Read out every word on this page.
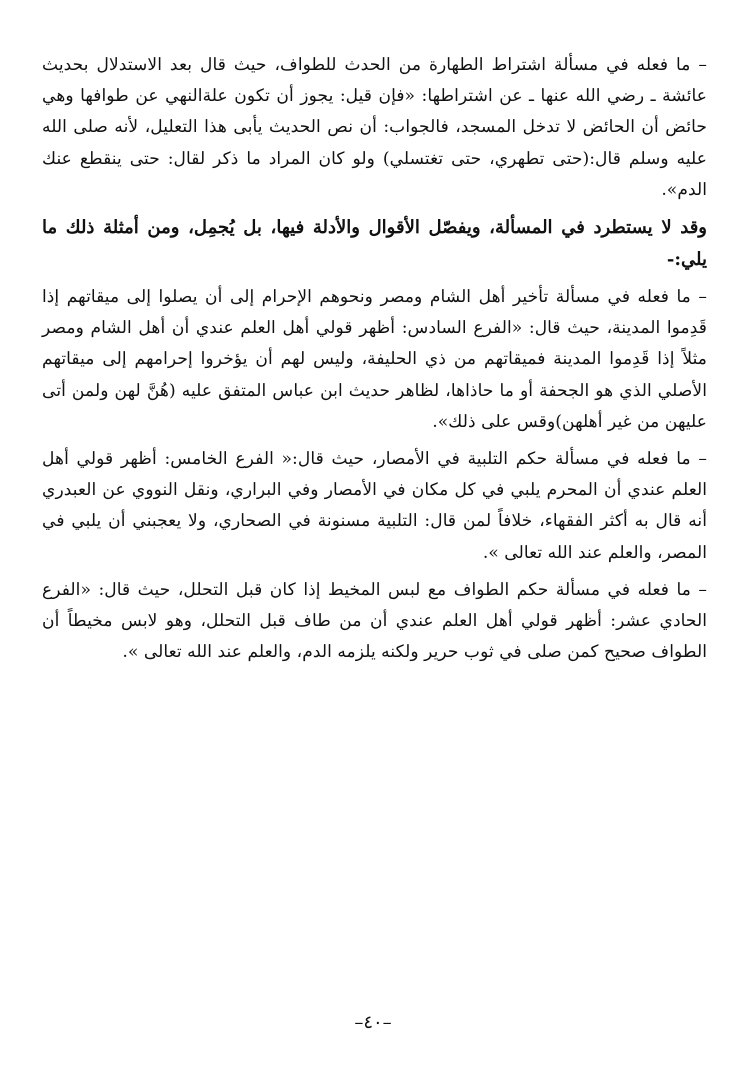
– ما فعله في مسألة اشتراط الطهارة من الحدث للطواف، حيث قال بعد الاستدلال بحديث عائشة ـ رضي الله عنها ـ عن اشتراطها: «فإن قيل: يجوز أن تكون علةالنهي عن طوافها وهي حائض أن الحائض لا تدخل المسجد، فالجواب: أن نص الحديث يأبى هذا التعليل، لأنه صلى الله عليه وسلم قال:(حتى تطهري، حتى تغتسلي) ولو كان المراد ما ذكر لقال: حتى ينقطع عنك الدم».

وقد لا يستطرد في المسألة، ويفصّل الأقوال والأدلة فيها، بل يُجمِل، ومن أمثلة ذلك ما يلي:-

– ما فعله في مسألة تأخير أهل الشام ومصر ونحوهم الإحرام إلى أن يصلوا إلى ميقاتهم إذا قَدِموا المدينة، حيث قال: «الفرع السادس: أظهر قولي أهل العلم عندي أن أهل الشام ومصر مثلاً إذا قَدِموا المدينة فميقاتهم من ذي الحليفة، وليس لهم أن يؤخروا إحرامهم إلى ميقاتهم الأصلي الذي هو الجحفة أو ما حاذاها، لظاهر حديث ابن عباس المتفق عليه (هُنَّ لهن ولمن أتى عليهن من غير أهلهن)وقس على ذلك».

– ما فعله في مسألة حكم التلبية في الأمصار، حيث قال:« الفرع الخامس: أظهر قولي أهل العلم عندي أن المحرم يلبي في كل مكان في الأمصار وفي البراري، ونقل النووي عن العبدري أنه قال به أكثر الفقهاء، خلافاً لمن قال: التلبية مسنونة في الصحاري، ولا يعجبني أن يلبي في المصر، والعلم عند الله تعالى ».

– ما فعله في مسألة حكم الطواف مع لبس المخيط إذا كان قبل التحلل، حيث قال: «الفرع الحادي عشر: أظهر قولي أهل العلم عندي أن من طاف قبل التحلل، وهو لابس مخيطاً أن الطواف صحيح كمن صلى في ثوب حرير ولكنه يلزمه الدم، والعلم عند الله تعالى ».

–٤٠–
